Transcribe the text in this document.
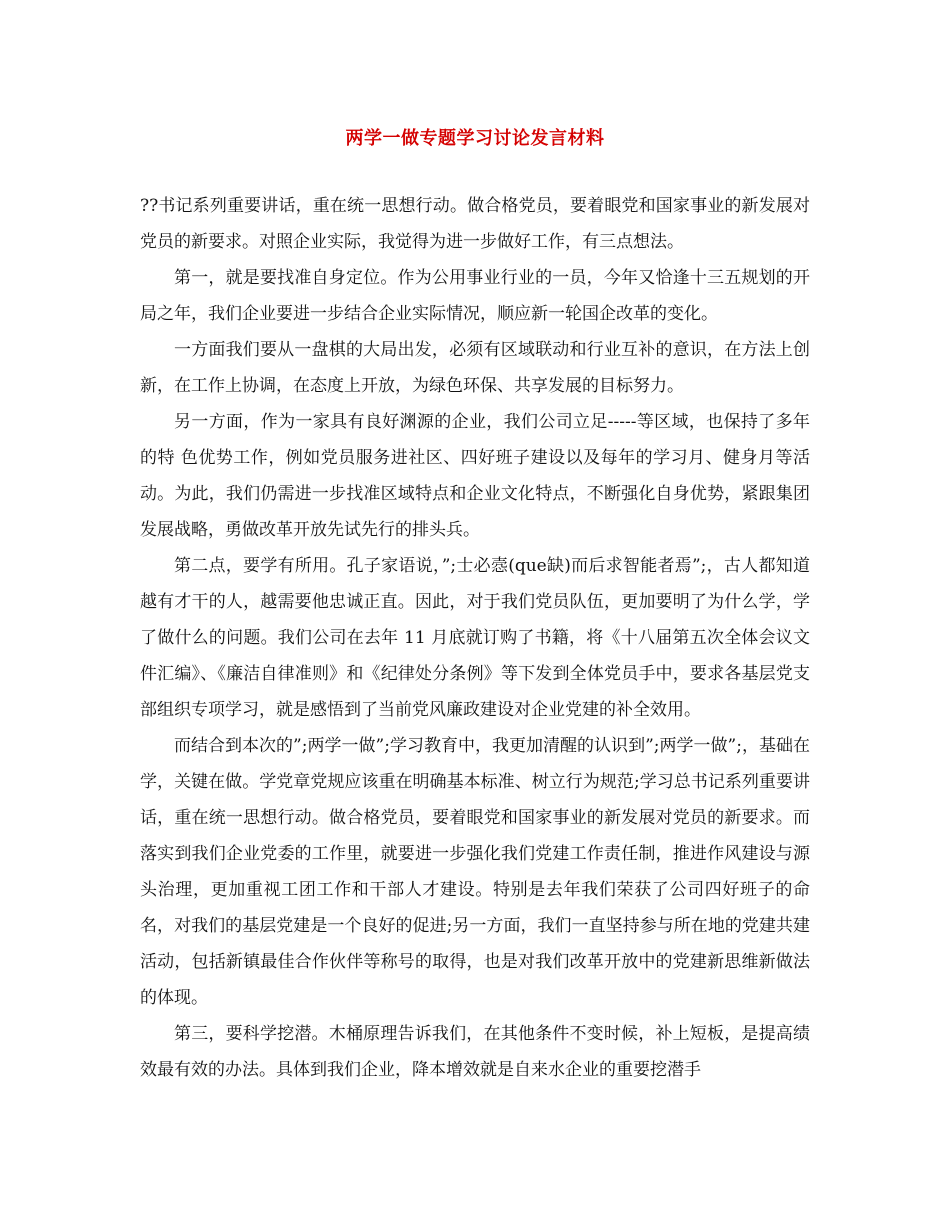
两学一做专题学习讨论发言材料

??书记系列重要讲话，重在统一思想行动。做合格党员，要着眼党和国家事业的新发展对党员的新要求。对照企业实际，我觉得为进一步做好工作，有三点想法。

第一，就是要找准自身定位。作为公用事业行业的一员，今年又恰逢十三五规划的开局之年，我们企业要进一步结合企业实际情况，顺应新一轮国企改革的变化。

一方面我们要从一盘棋的大局出发，必须有区域联动和行业互补的意识，在方法上创新，在工作上协调，在态度上开放，为绿色环保、共享发展的目标努力。

另一方面，作为一家具有良好渊源的企业，我们公司立足-----等区域，也保持了多年的特 色优势工作，例如党员服务进社区、四好班子建设以及每年的学习月、健身月等活动。为此，我们仍需进一步找准区域特点和企业文化特点，不断强化自身优势，紧跟集团发展战略，勇做改革开放先试先行的排头兵。

第二点，要学有所用。孔子家语说，”;士必悫(que缺)而后求智能者焉”;，古人都知道越有才干的人，越需要他忠诚正直。因此，对于我们党员队伍，更加要明了为什么学，学了做什么的问题。我们公司在去年 11 月底就订购了书籍，将《十八届第五次全体会议文件汇编》、《廉洁自律准则》和《纪律处分条例》等下发到全体党员手中，要求各基层党支部组织专项学习，就是感悟到了当前党风廉政建设对企业党建的补全效用。

而结合到本次的”;两学一做”;学习教育中，我更加清醒的认识到”;两学一做”;，基础在学，关键在做。学党章党规应该重在明确基本标准、树立行为规范;学习总书记系列重要讲话，重在统一思想行动。做合格党员，要着眼党和国家事业的新发展对党员的新要求。而落实到我们企业党委的工作里，就要进一步强化我们党建工作责任制，推进作风建设与源头治理，更加重视工团工作和干部人才建设。特别是去年我们荣获了公司四好班子的命名，对我们的基层党建是一个良好的促进;另一方面，我们一直坚持参与所在地的党建共建活动，包括新镇最佳合作伙伴等称号的取得，也是对我们改革开放中的党建新思维新做法的体现。

第三，要科学挖潜。木桶原理告诉我们，在其他条件不变时候，补上短板，是提高绩效最有效的办法。具体到我们企业，降本增效就是自来水企业的重要挖潜手
